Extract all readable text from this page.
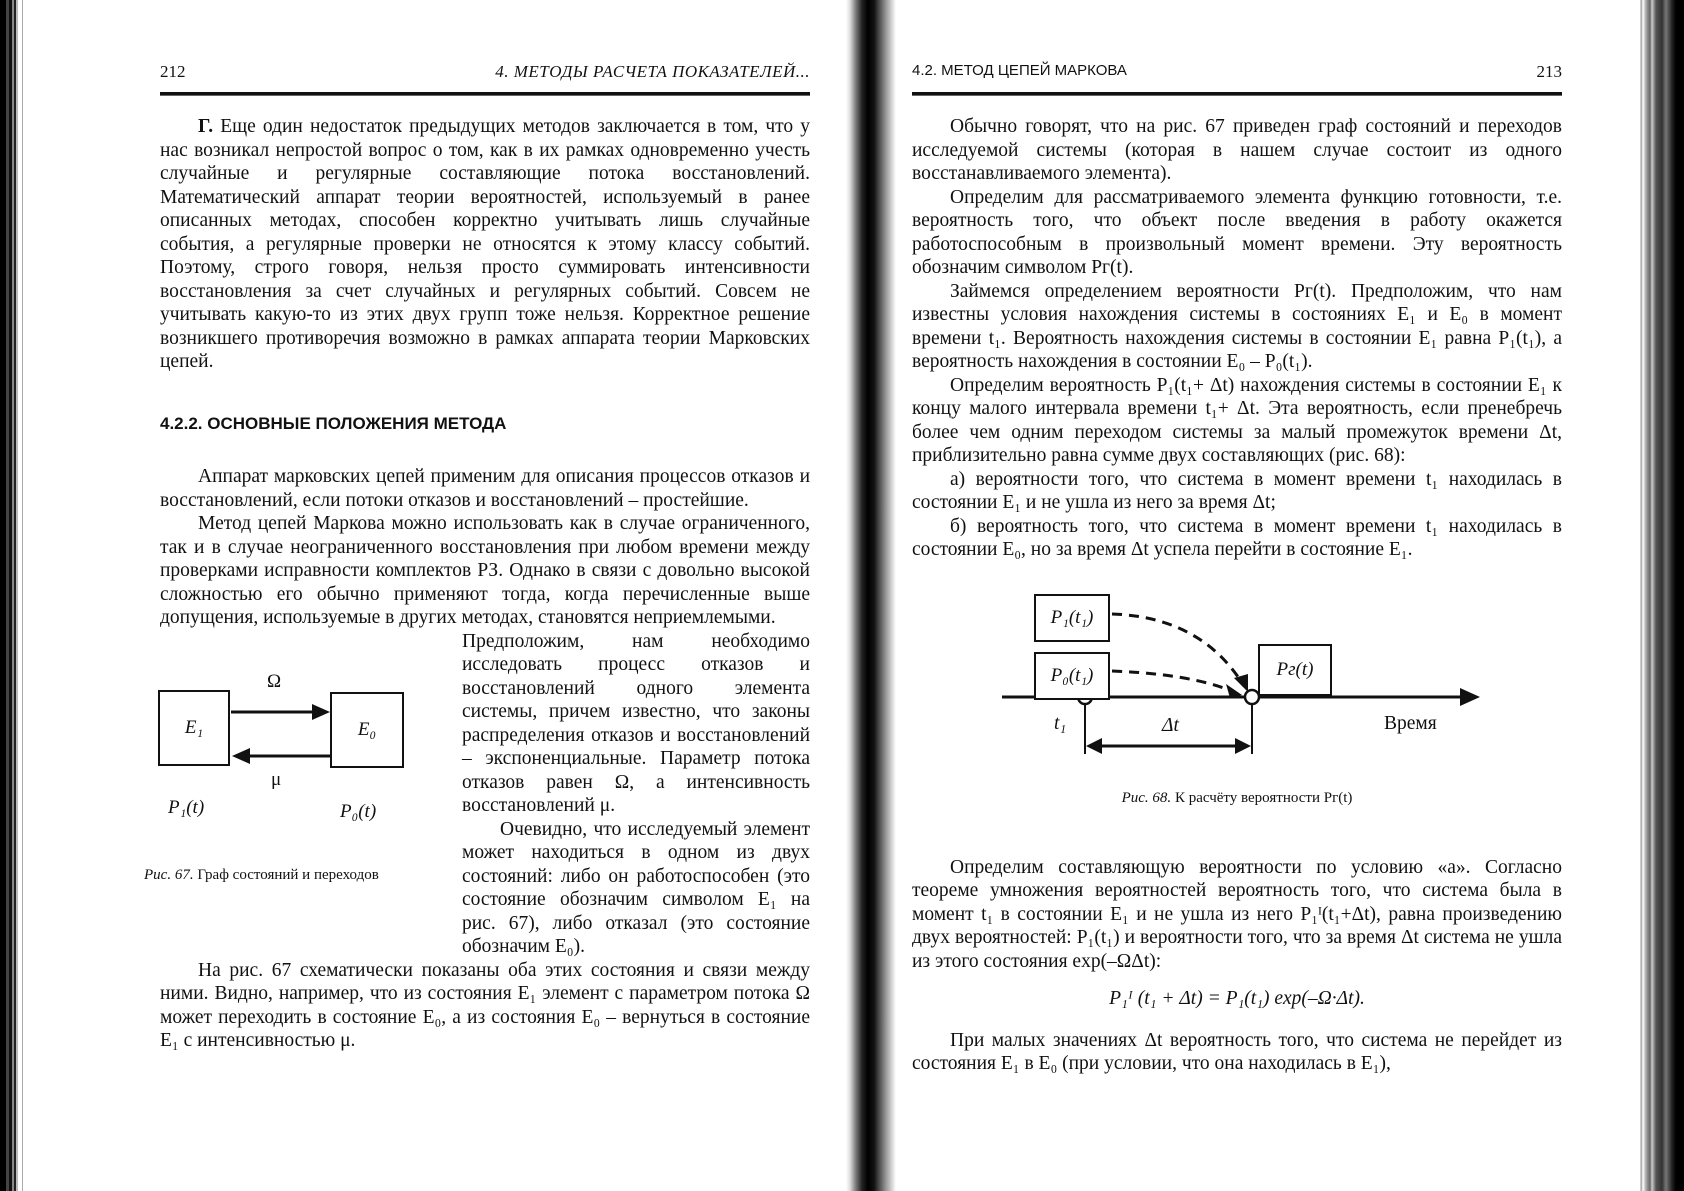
212	4. МЕТОДЫ РАСЧЕТА ПОКАЗАТЕЛЕЙ...

Г. Еще один недостаток предыдущих методов заключается в том, что у нас возникал непростой вопрос о том, как в их рамках одновременно учесть случайные и регулярные составляющие потока восстановлений. Математический аппарат теории вероятностей, используемый в ранее описанных методах, способен корректно учитывать лишь случайные события, а регулярные проверки не относятся к этому классу событий. Поэтому, строго говоря, нельзя просто суммировать интенсивности восстановления за счет случайных и регулярных событий. Совсем не учитывать какую-то из этих двух групп тоже нельзя. Корректное решение возникшего противоречия возможно в рамках аппарата теории Марковских цепей.

4.2.2. ОСНОВНЫЕ ПОЛОЖЕНИЯ МЕТОДА

Аппарат марковских цепей применим для описания процессов отказов и восстановлений, если потоки отказов и восстановлений – простейшие.

Метод цепей Маркова можно использовать как в случае ограниченного, так и в случае неограниченного восстановления при любом времени между проверками исправности комплектов РЗ. Однако в связи с довольно высокой сложностью его обычно применяют тогда, когда перечисленные выше допущения, используемые в других методах, становятся неприемлемыми.

E₁	E₀
Ω
μ
P₁(t)	P₀(t)
Рис. 67. Граф состояний и переходов

Предположим, нам необходимо исследовать процесс отказов и восстановлений одного элемента системы, причем известно, что законы распределения отказов и восстановлений – экспоненциальные. Параметр потока отказов равен Ω, а интенсивность восстановлений μ.

Очевидно, что исследуемый элемент может находиться в одном из двух состояний: либо он работоспособен (это состояние обозначим символом E₁ на рис. 67), либо отказал (это состояние обозначим E₀).

На рис. 67 схематически показаны оба этих состояния и связи между ними. Видно, например, что из состояния E₁ элемент с параметром потока Ω может переходить в состояние E₀, а из состояния E₀ – вернуться в состояние E₁ с интенсивностью μ.

4.2. МЕТОД ЦЕПЕЙ МАРКОВА	213

Обычно говорят, что на рис. 67 приведен граф состояний и переходов исследуемой системы (которая в нашем случае состоит из одного восстанавливаемого элемента).

Определим для рассматриваемого элемента функцию готовности, т.е. вероятность того, что объект после введения в работу окажется работоспособным в произвольный момент времени. Эту вероятность обозначим символом Pг(t).

Займемся определением вероятности Pг(t). Предположим, что нам известны условия нахождения системы в состояниях E₁ и E₀ в момент времени t₁. Вероятность нахождения системы в состоянии E₁ равна P₁(t₁), а вероятность нахождения в состоянии E₀ – P₀(t₁).

Определим вероятность P₁(t₁+ Δt) нахождения системы в состоянии E₁ к концу малого интервала времени t₁+ Δt. Эта вероятность, если пренебречь более чем одним переходом системы за малый промежуток времени Δt, приблизительно равна сумме двух составляющих (рис. 68):

а) вероятности того, что система в момент времени t₁ находилась в состоянии E₁ и не ушла из него за время Δt;

б) вероятность того, что система в момент времени t₁ находилась в состоянии E₀, но за время Δt успела перейти в состояние E₁.

P₁(t₁)
P₀(t₁)	Pг(t)
t₁	Δt	Время
Рис. 68. К расчёту вероятности Pг(t)

Определим составляющую вероятности по условию «а». Согласно теореме умножения вероятностей вероятность того, что система была в момент t₁ в состоянии E₁ и не ушла из него P₁ᴵ(t₁+Δt), равна произведению двух вероятностей: P₁(t₁) и вероятности того, что за время Δt система не ушла из этого состояния exp(–ΩΔt):

P₁ᴵ (t₁ + Δt) = P₁(t₁) exp(–Ω·Δt).

При малых значениях Δt вероятность того, что система не перейдет из состояния E₁ в E₀ (при условии, что она находилась в E₁),
